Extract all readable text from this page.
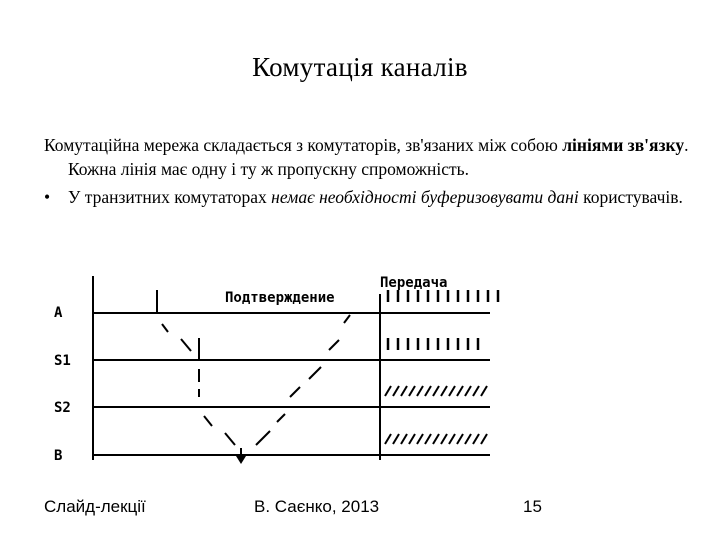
Комутація каналів

Комутаційна мережа складається з комутаторів, зв'язаних між собою лініями зв'язку. Кожна лінія має одну і ту ж пропускну спроможність.

•	У транзитних комутаторах немає необхідності буферизовувати дані користувачів.
A
S1
S2
B
Подтверждение
Передача
Слайд-лекції	В. Саєнко, 2013	15
